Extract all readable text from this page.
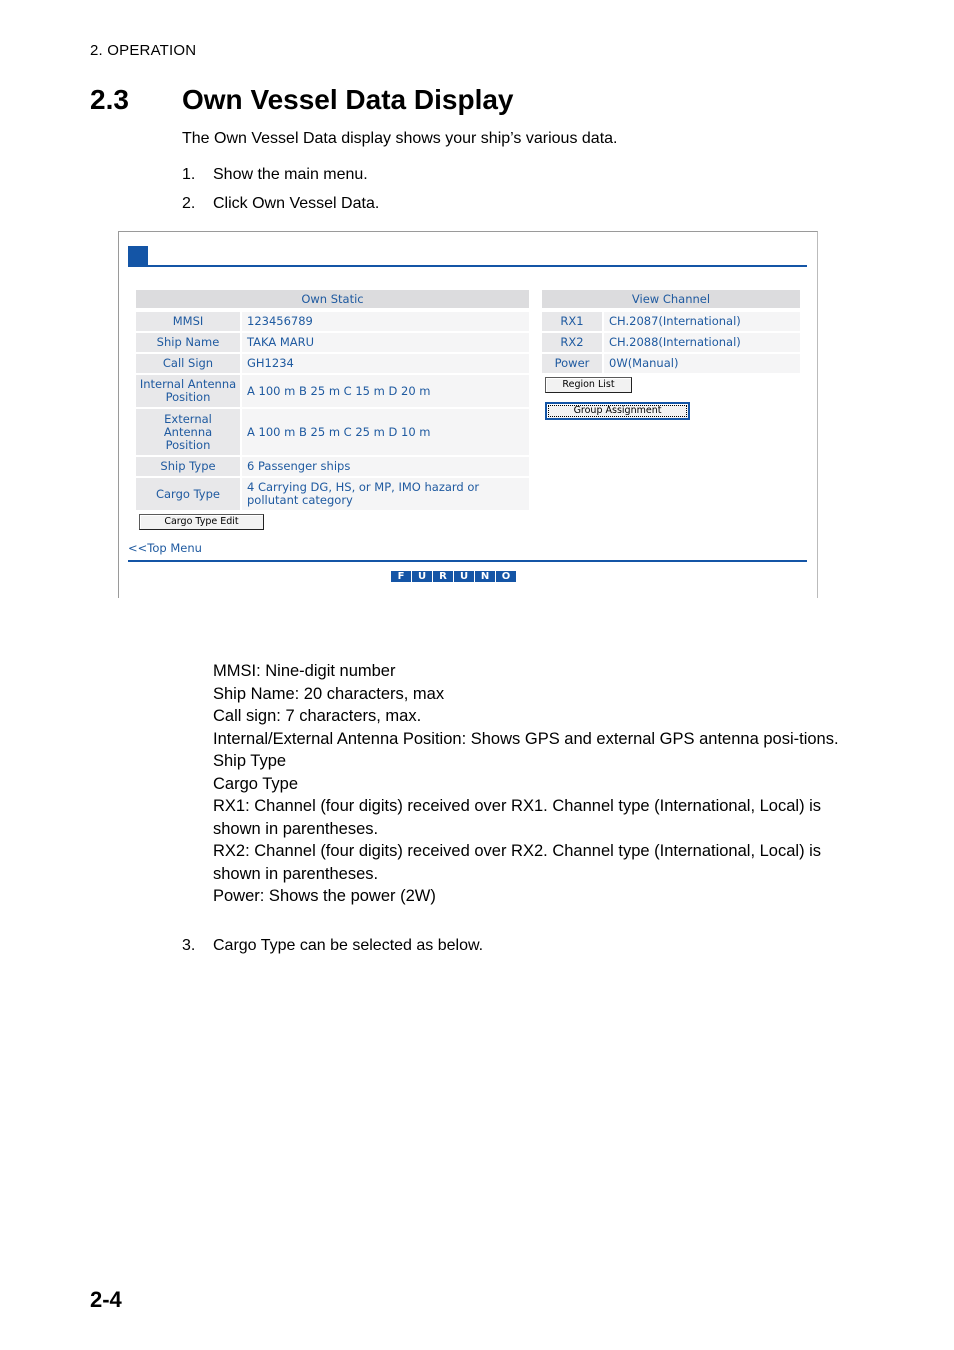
2. OPERATION
2.3 Own Vessel Data Display
The Own Vessel Data display shows your ship’s various data.
1. Show the main menu.
2. Click Own Vessel Data.
Own Static	

MMSI	123456789
Ship Name	TAKA MARU
Call Sign	GH1234
Internal Antenna Position	A 100 m B 25 m C 15 m D 20 m
External Antenna Position	A 100 m B 25 m C 25 m D 10 m
Ship Type	6 Passenger ships
Cargo Type	4 Carrying DG, HS, or MP, IMO hazard or pollutant category
View Channel	

RX1	CH.2087(International)
RX2	CH.2088(International)
Power	0W(Manual)
Region List
Group Assignment
Cargo Type Edit
<<Top Menu
F	U	R	U	N	O

MMSI: Nine-digit number

Ship Name: 20 characters, max

Call sign: 7 characters, max.

Internal/External Antenna Position: Shows GPS and external GPS antenna posi-tions.

Ship Type

Cargo Type

RX1: Channel (four digits) received over RX1. Channel type (International, Local) is shown in parentheses.

RX2: Channel (four digits) received over RX2. Channel type (International, Local) is shown in parentheses.

Power: Shows the power (2W)

3. Cargo Type can be selected as below.
2-4
